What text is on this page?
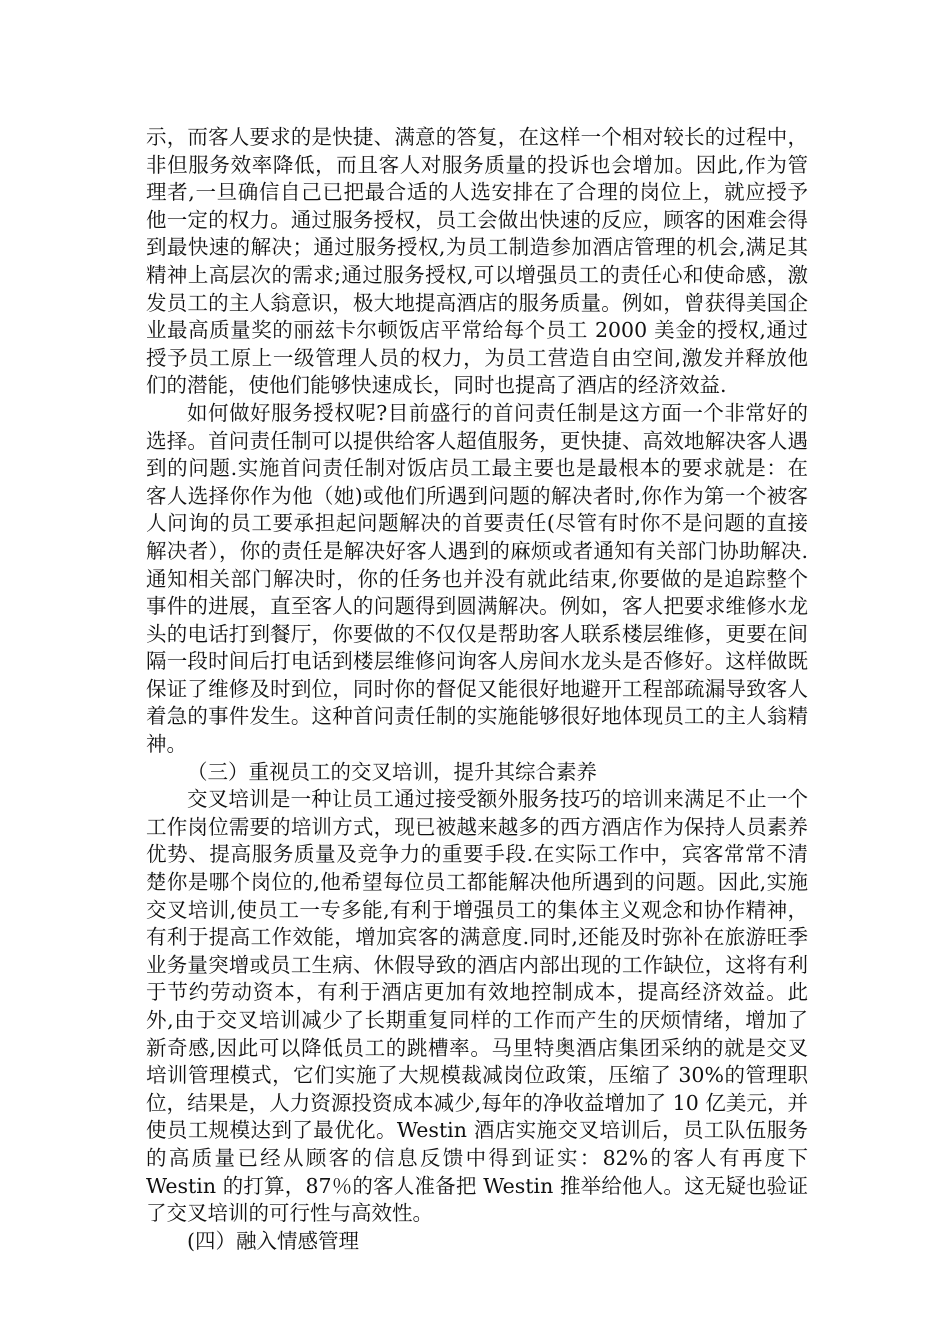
示，而客人要求的是快捷、满意的答复，在这样一个相对较长的过程中，非但服务效率降低，而且客人对服务质量的投诉也会增加。因此,作为管理者,一旦确信自己已把最合适的人选安排在了合理的岗位上，就应授予他一定的权力。通过服务授权，员工会做出快速的反应，顾客的困难会得到最快速的解决；通过服务授权,为员工制造参加酒店管理的机会,满足其精神上高层次的需求;通过服务授权,可以增强员工的责任心和使命感，激发员工的主人翁意识，极大地提高酒店的服务质量。例如，曾获得美国企业最高质量奖的丽兹卡尔顿饭店平常给每个员工 2000 美金的授权,通过授予员工原上一级管理人员的权力，为员工营造自由空间,激发并释放他们的潜能，使他们能够快速成长，同时也提高了酒店的经济效益.

如何做好服务授权呢?目前盛行的首问责任制是这方面一个非常好的选择。首问责任制可以提供给客人超值服务，更快捷、高效地解决客人遇到的问题.实施首问责任制对饭店员工最主要也是最根本的要求就是：在客人选择你作为他（她)或他们所遇到问题的解决者时,你作为第一个被客人问询的员工要承担起问题解决的首要责任(尽管有时你不是问题的直接解决者），你的责任是解决好客人遇到的麻烦或者通知有关部门协助解决.通知相关部门解决时，你的任务也并没有就此结束,你要做的是追踪整个事件的进展，直至客人的问题得到圆满解决。例如，客人把要求维修水龙头的电话打到餐厅，你要做的不仅仅是帮助客人联系楼层维修，更要在间隔一段时间后打电话到楼层维修问询客人房间水龙头是否修好。这样做既保证了维修及时到位，同时你的督促又能很好地避开工程部疏漏导致客人着急的事件发生。这种首问责任制的实施能够很好地体现员工的主人翁精神。

（三）重视员工的交叉培训，提升其综合素养

交叉培训是一种让员工通过接受额外服务技巧的培训来满足不止一个工作岗位需要的培训方式，现已被越来越多的西方酒店作为保持人员素养优势、提高服务质量及竞争力的重要手段.在实际工作中，宾客常常不清楚你是哪个岗位的,他希望每位员工都能解决他所遇到的问题。因此,实施交叉培训,使员工一专多能,有利于增强员工的集体主义观念和协作精神，有利于提高工作效能，增加宾客的满意度.同时,还能及时弥补在旅游旺季业务量突增或员工生病、休假导致的酒店内部出现的工作缺位，这将有利于节约劳动资本，有利于酒店更加有效地控制成本，提高经济效益。此外,由于交叉培训减少了长期重复同样的工作而产生的厌烦情绪，增加了新奇感,因此可以降低员工的跳槽率。马里特奥酒店集团采纳的就是交叉培训管理模式，它们实施了大规模裁减岗位政策，压缩了 30%的管理职位，结果是，人力资源投资成本减少,每年的净收益增加了 10 亿美元，并使员工规模达到了最优化。Westin 酒店实施交叉培训后，员工队伍服务的高质量已经从顾客的信息反馈中得到证实：82%的客人有再度下 Westin 的打算，87％的客人准备把 Westin 推举给他人。这无疑也验证了交叉培训的可行性与高效性。

(四）融入情感管理
